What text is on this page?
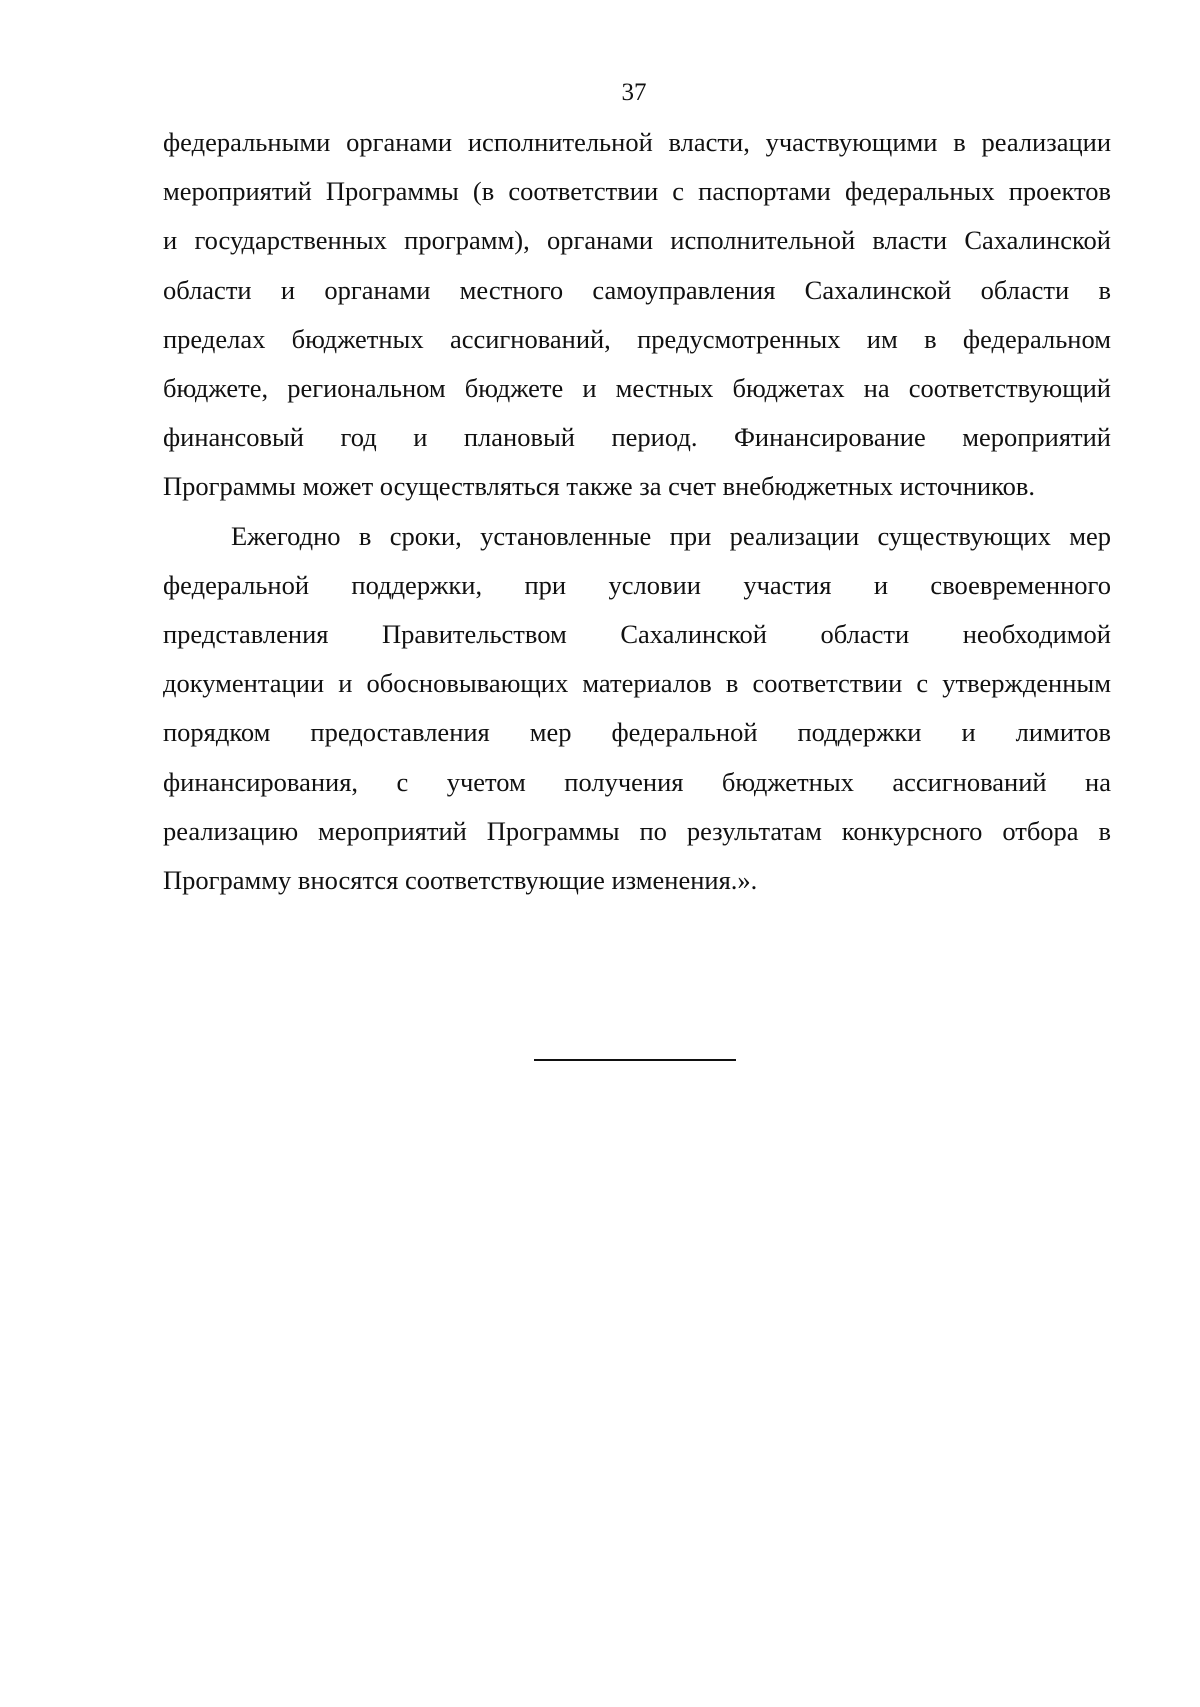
37

федеральными органами исполнительной власти, участвующими в реализации
мероприятий Программы (в соответствии с паспортами федеральных проектов
и государственных программ), органами исполнительной власти Сахалинской
области и органами местного самоуправления Сахалинской области в
пределах бюджетных ассигнований, предусмотренных им в федеральном
бюджете, региональном бюджете и местных бюджетах на соответствующий
финансовый год и плановый период. Финансирование мероприятий
Программы может осуществляться также за счет внебюджетных источников.

Ежегодно в сроки, установленные при реализации существующих мер
федеральной поддержки, при условии участия и своевременного
представления Правительством Сахалинской области необходимой
документации и обосновывающих материалов в соответствии с утвержденным
порядком предоставления мер федеральной поддержки и лимитов
финансирования, с учетом получения бюджетных ассигнований на
реализацию мероприятий Программы по результатам конкурсного отбора в
Программу вносятся соответствующие изменения.».
